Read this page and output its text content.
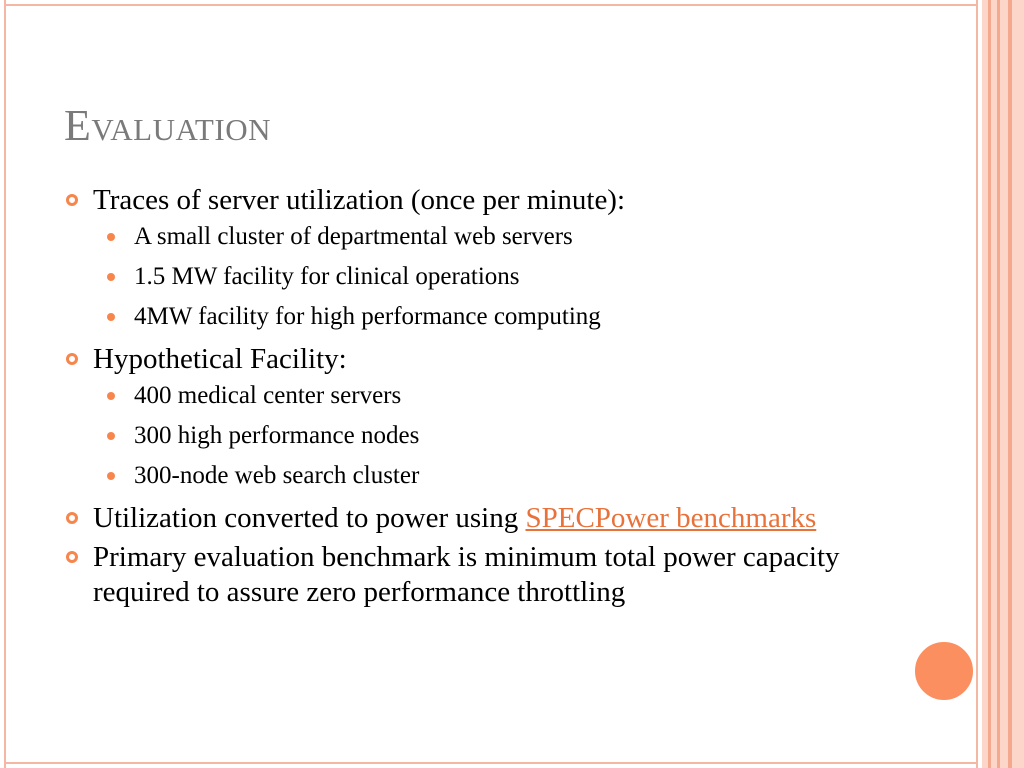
Evaluation
Traces of server utilization (once per minute):
A small cluster of departmental web servers
1.5 MW facility for clinical operations
4MW facility for high performance computing
Hypothetical Facility:
400 medical center servers
300 high performance nodes
300-node web search cluster
Utilization converted to power using SPECPower benchmarks
Primary evaluation benchmark is minimum total power capacity required to assure zero performance throttling
